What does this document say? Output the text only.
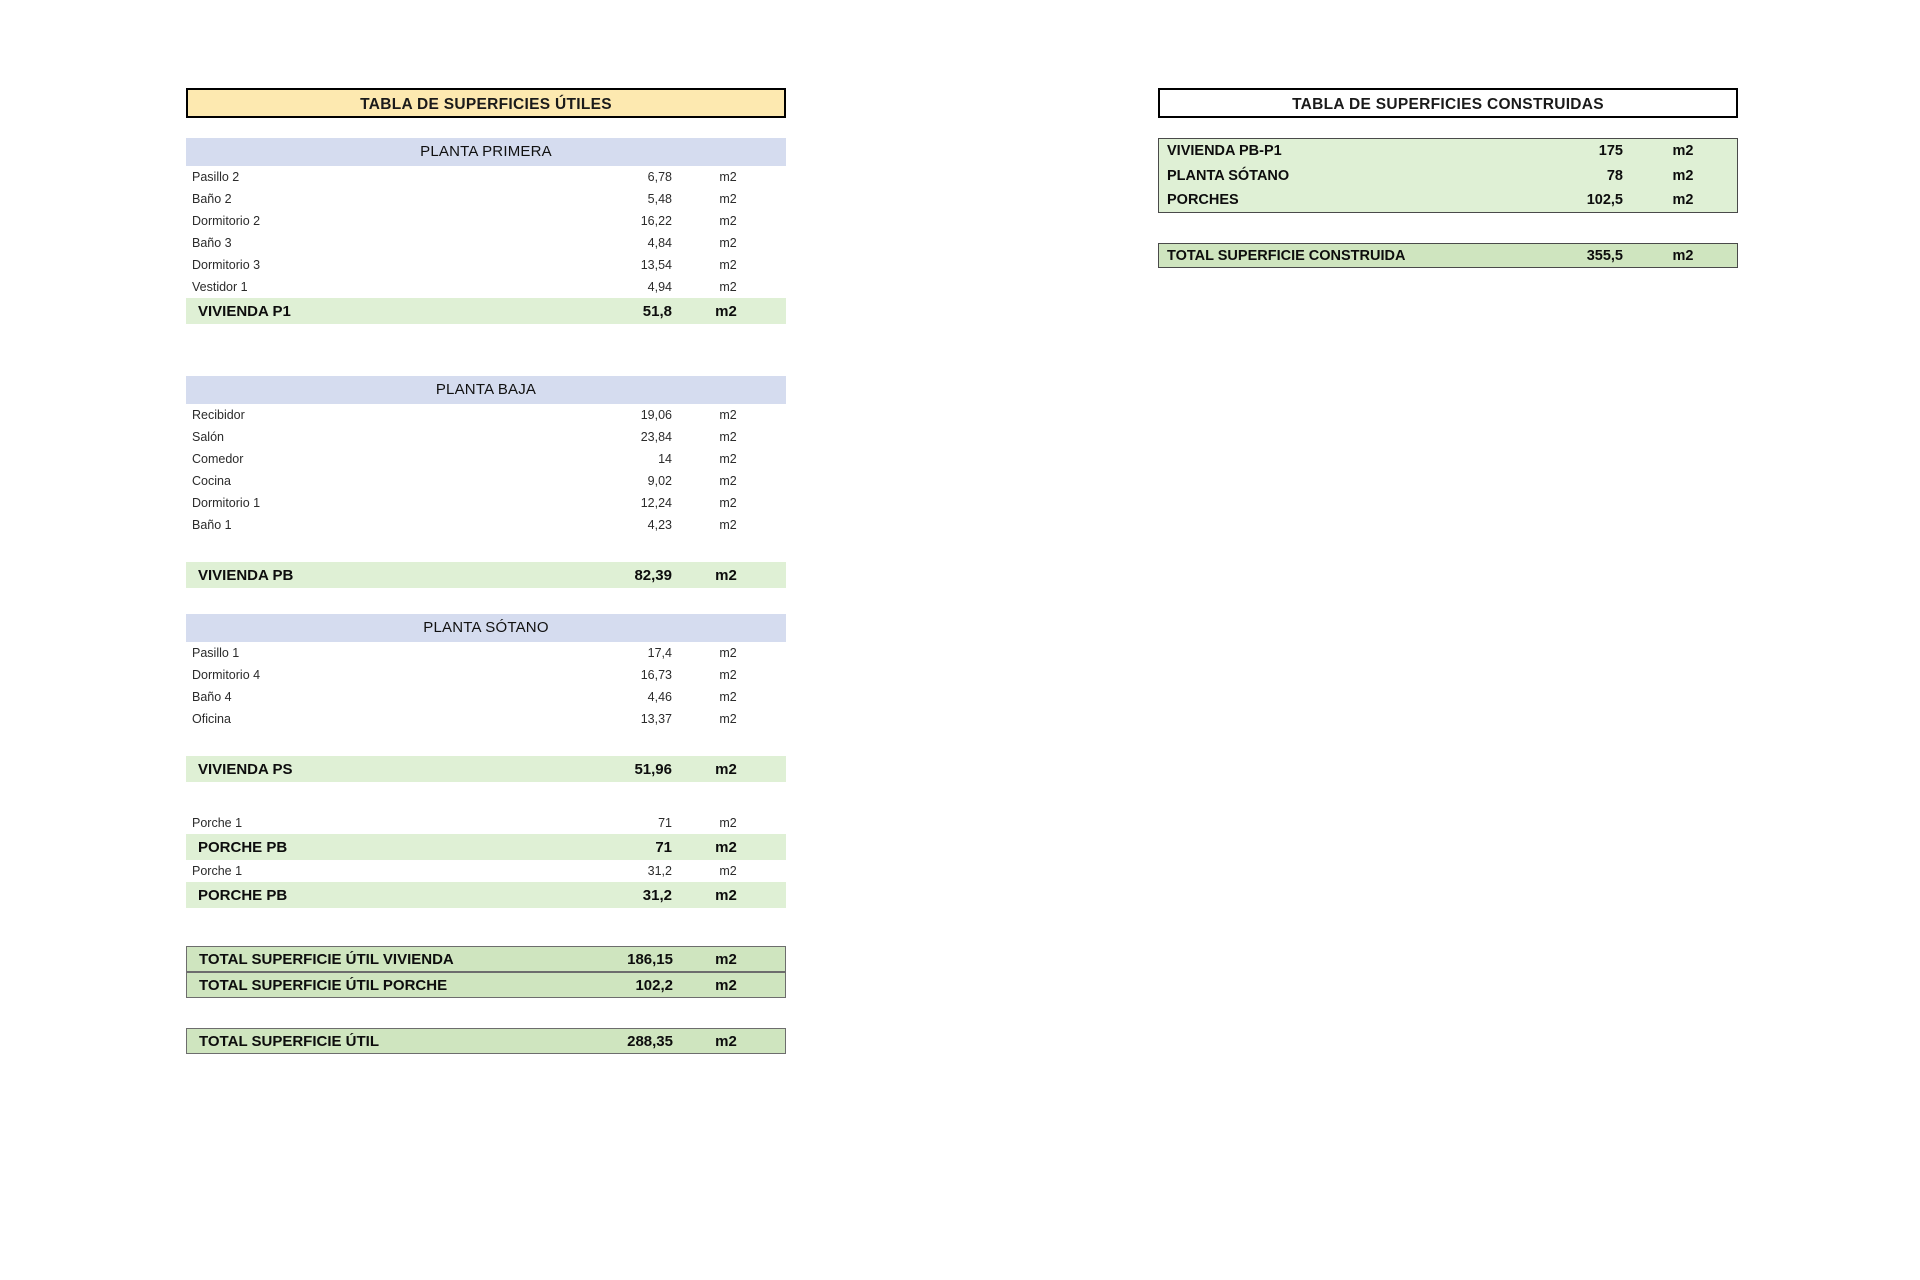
TABLA DE SUPERFICIES ÚTILES
PLANTA PRIMERA
Pasillo 2	6,78	m2
Baño 2	5,48	m2
Dormitorio 2	16,22	m2
Baño 3	4,84	m2
Dormitorio 3	13,54	m2
Vestidor 1	4,94	m2
VIVIENDA P1	51,8	m2
PLANTA BAJA
Recibidor	19,06	m2
Salón	23,84	m2
Comedor	14	m2
Cocina	9,02	m2
Dormitorio 1	12,24	m2
Baño 1	4,23	m2
VIVIENDA PB	82,39	m2
PLANTA SÓTANO
Pasillo 1	17,4	m2
Dormitorio 4	16,73	m2
Baño 4	4,46	m2
Oficina	13,37	m2
VIVIENDA PS	51,96	m2
Porche 1	71	m2
PORCHE PB	71	m2
Porche 1	31,2	m2
PORCHE PB	31,2	m2
TOTAL SUPERFICIE ÚTIL VIVIENDA	186,15	m2
TOTAL SUPERFICIE ÚTIL PORCHE	102,2	m2
TOTAL SUPERFICIE ÚTIL	288,35	m2
TABLA DE SUPERFICIES CONSTRUIDAS
VIVIENDA PB-P1	175	m2
PLANTA SÓTANO	78	m2
PORCHES	102,5	m2
TOTAL SUPERFICIE CONSTRUIDA	355,5	m2
